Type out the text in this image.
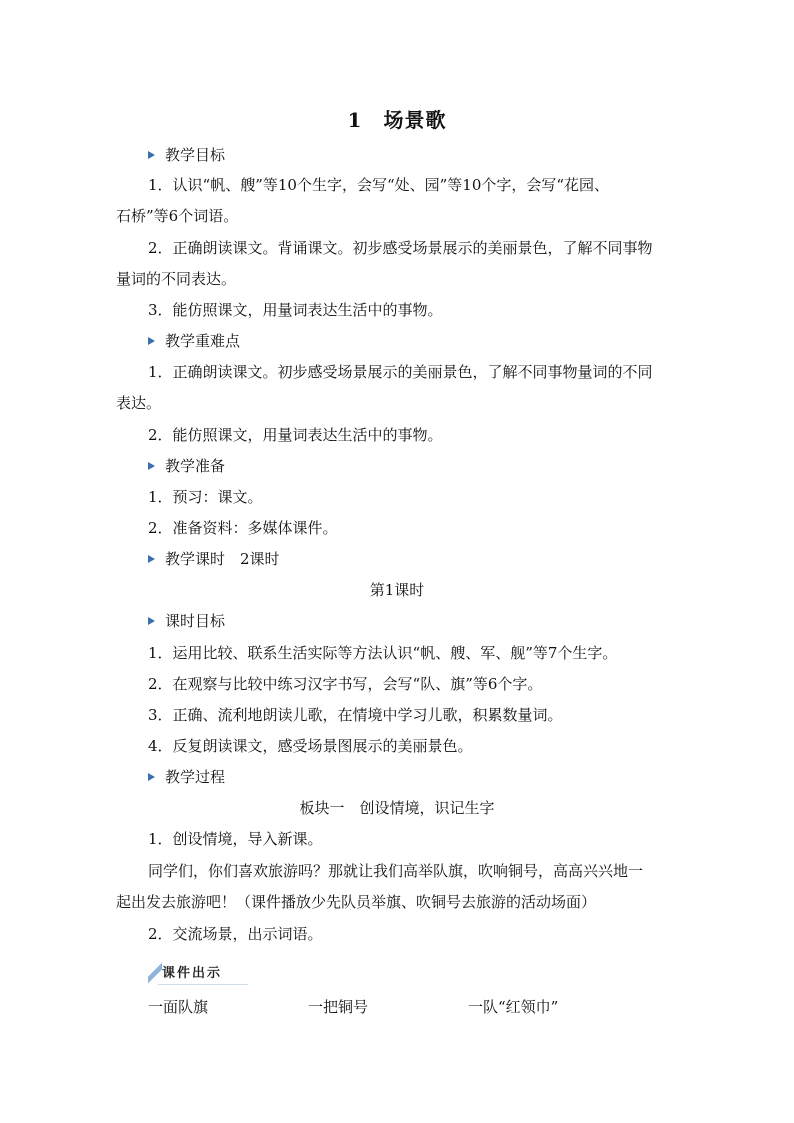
1　场景歌
教学目标
1．认识“帆、艘”等10个生字，会写“处、园”等10个字，会写“花园、
石桥”等6个词语。
2．正确朗读课文。背诵课文。初步感受场景展示的美丽景色，了解不同事物
量词的不同表达。
3．能仿照课文，用量词表达生活中的事物。
教学重难点
1．正确朗读课文。初步感受场景展示的美丽景色，了解不同事物量词的不同
表达。
2．能仿照课文，用量词表达生活中的事物。
教学准备
1．预习：课文。
2．准备资料：多媒体课件。
教学课时　2课时
第1课时
课时目标
1．运用比较、联系生活实际等方法认识“帆、艘、军、舰”等7个生字。
2．在观察与比较中练习汉字书写，会写“队、旗”等6个字。
3．正确、流利地朗读儿歌，在情境中学习儿歌，积累数量词。
4．反复朗读课文，感受场景图展示的美丽景色。
教学过程
板块一　创设情境，识记生字
1．创设情境，导入新课。
同学们，你们喜欢旅游吗？那就让我们高举队旗，吹响铜号，高高兴兴地一
起出发去旅游吧！（课件播放少先队员举旗、吹铜号去旅游的活动场面）
2．交流场景，出示词语。
课件出示
一面队旗	一把铜号	一队“红领巾”
